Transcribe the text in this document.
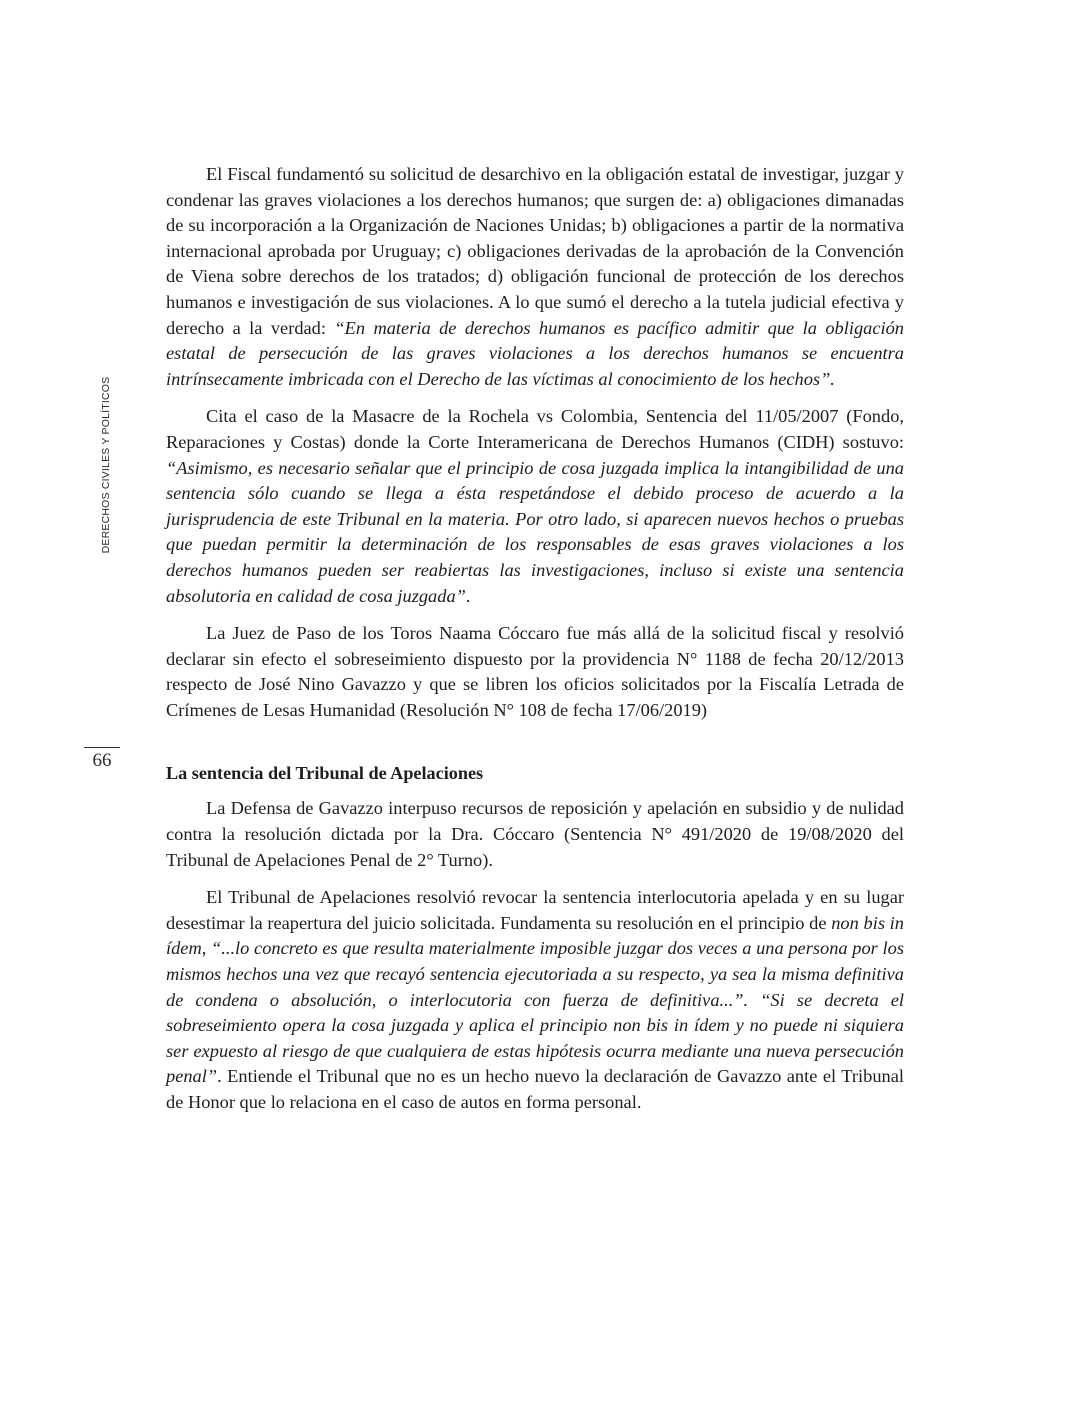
DERECHOS CIVILES Y POLÍTICOS
66

El Fiscal fundamentó su solicitud de desarchivo en la obligación estatal de investigar, juzgar y condenar las graves violaciones a los derechos humanos; que surgen de: a) obligaciones dimanadas de su incorporación a la Organización de Naciones Unidas; b) obligaciones a partir de la normativa internacional aprobada por Uruguay; c) obligaciones derivadas de la aprobación de la Convención de Viena sobre derechos de los tratados; d) obligación funcional de protección de los derechos humanos e investigación de sus violaciones. A lo que sumó el derecho a la tutela judicial efectiva y derecho a la verdad: “En materia de derechos humanos es pacífico admitir que la obligación estatal de persecución de las graves violaciones a los derechos humanos se encuentra intrínsecamente imbricada con el Derecho de las víctimas al conocimiento de los hechos”.

Cita el caso de la Masacre de la Rochela vs Colombia, Sentencia del 11/05/2007 (Fondo, Reparaciones y Costas) donde la Corte Interamericana de Derechos Humanos (CIDH) sostuvo: “Asimismo, es necesario señalar que el principio de cosa juzgada implica la intangibilidad de una sentencia sólo cuando se llega a ésta respetándose el debido proceso de acuerdo a la jurisprudencia de este Tribunal en la materia. Por otro lado, si aparecen nuevos hechos o pruebas que puedan permitir la determinación de los responsables de esas graves violaciones a los derechos humanos pueden ser reabiertas las investigaciones, incluso si existe una sentencia absolutoria en calidad de cosa juzgada”.

La Juez de Paso de los Toros Naama Cóccaro fue más allá de la solicitud fiscal y resolvió declarar sin efecto el sobreseimiento dispuesto por la providencia N° 1188 de fecha 20/12/2013 respecto de José Nino Gavazzo y que se libren los oficios solicitados por la Fiscalía Letrada de Crímenes de Lesas Humanidad (Resolución N° 108 de fecha 17/06/2019)

La sentencia del Tribunal de Apelaciones

La Defensa de Gavazzo interpuso recursos de reposición y apelación en subsidio y de nulidad contra la resolución dictada por la Dra. Cóccaro (Sentencia N° 491/2020 de 19/08/2020 del Tribunal de Apelaciones Penal de 2° Turno).

El Tribunal de Apelaciones resolvió revocar la sentencia interlocutoria apelada y en su lugar desestimar la reapertura del juicio solicitada. Fundamenta su resolución en el principio de non bis in ídem, “...lo concreto es que resulta materialmente imposible juzgar dos veces a una persona por los mismos hechos una vez que recayó sentencia ejecutoriada a su respecto, ya sea la misma definitiva de condena o absolución, o interlocutoria con fuerza de definitiva...”. “Si se decreta el sobreseimiento opera la cosa juzgada y aplica el principio non bis in ídem y no puede ni siquiera ser expuesto al riesgo de que cualquiera de estas hipótesis ocurra mediante una nueva persecución penal”. Entiende el Tribunal que no es un hecho nuevo la declaración de Gavazzo ante el Tribunal de Honor que lo relaciona en el caso de autos en forma personal.
